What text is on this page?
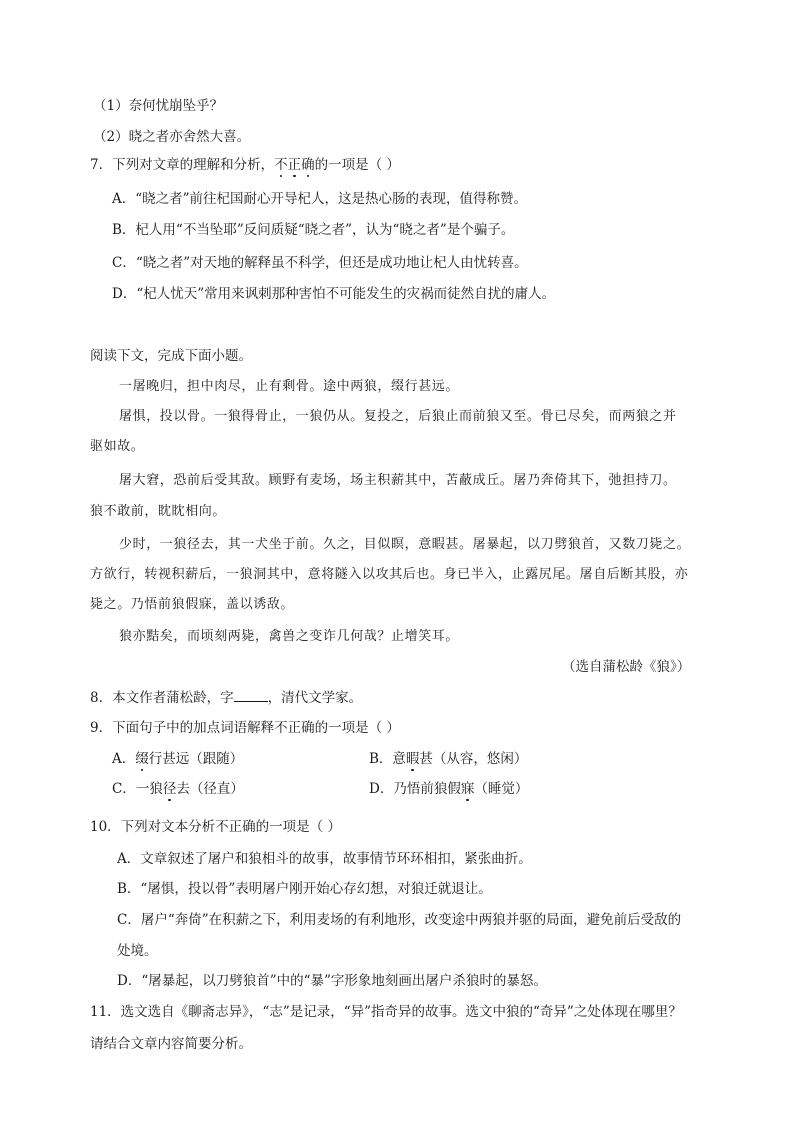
（1）奈何忧崩坠乎？
（2）晓之者亦舍然大喜。
7．下列对文章的理解和分析，不正确的一项是（ ）
A．“晓之者”前往杞国耐心开导杞人，这是热心肠的表现，值得称赞。
B．杞人用“不当坠耶”反问质疑“晓之者”，认为“晓之者”是个骗子。
C．“晓之者”对天地的解释虽不科学，但还是成功地让杞人由忧转喜。
D．“杞人忧天”常用来讽刺那种害怕不可能发生的灾祸而徒然自扰的庸人。
阅读下文，完成下面小题。
一屠晚归，担中肉尽，止有剩骨。途中两狼，缀行甚远。
屠惧，投以骨。一狼得骨止，一狼仍从。复投之，后狼止而前狼又至。骨已尽矣，而两狼之并
驱如故。
屠大窘，恐前后受其敌。顾野有麦场，场主积薪其中，苫蔽成丘。屠乃奔倚其下，弛担持刀。
狼不敢前，眈眈相向。
少时，一狼径去，其一犬坐于前。久之，目似瞑，意暇甚。屠暴起，以刀劈狼首，又数刀毙之。
方欲行，转视积薪后，一狼洞其中，意将隧入以攻其后也。身已半入，止露尻尾。屠自后断其股，亦
毙之。乃悟前狼假寐，盖以诱敌。
狼亦黠矣，而顷刻两毙，禽兽之变诈几何哉？止增笑耳。
（选自蒲松龄《狼》）
8．本文作者蒲松龄，字	，清代文学家。
9．下面句子中的加点词语解释不正确的一项是（ ）
A．缀行甚远（跟随）	B．意暇甚（从容，悠闲）
C．一狼径去（径直）	D．乃悟前狼假寐（睡觉）
10．下列对文本分析不正确的一项是（ ）
A．文章叙述了屠户和狼相斗的故事，故事情节环环相扣，紧张曲折。
B．“屠惧，投以骨”表明屠户刚开始心存幻想，对狼迁就退让。
C．屠户“奔倚”在积薪之下，利用麦场的有利地形，改变途中两狼并驱的局面，避免前后受敌的
处境。
D．“屠暴起，以刀劈狼首”中的“暴”字形象地刻画出屠户杀狼时的暴怒。
11．选文选自《聊斋志异》，“志”是记录，“异”指奇异的故事。选文中狼的“奇异”之处体现在哪里？
请结合文章内容简要分析。
